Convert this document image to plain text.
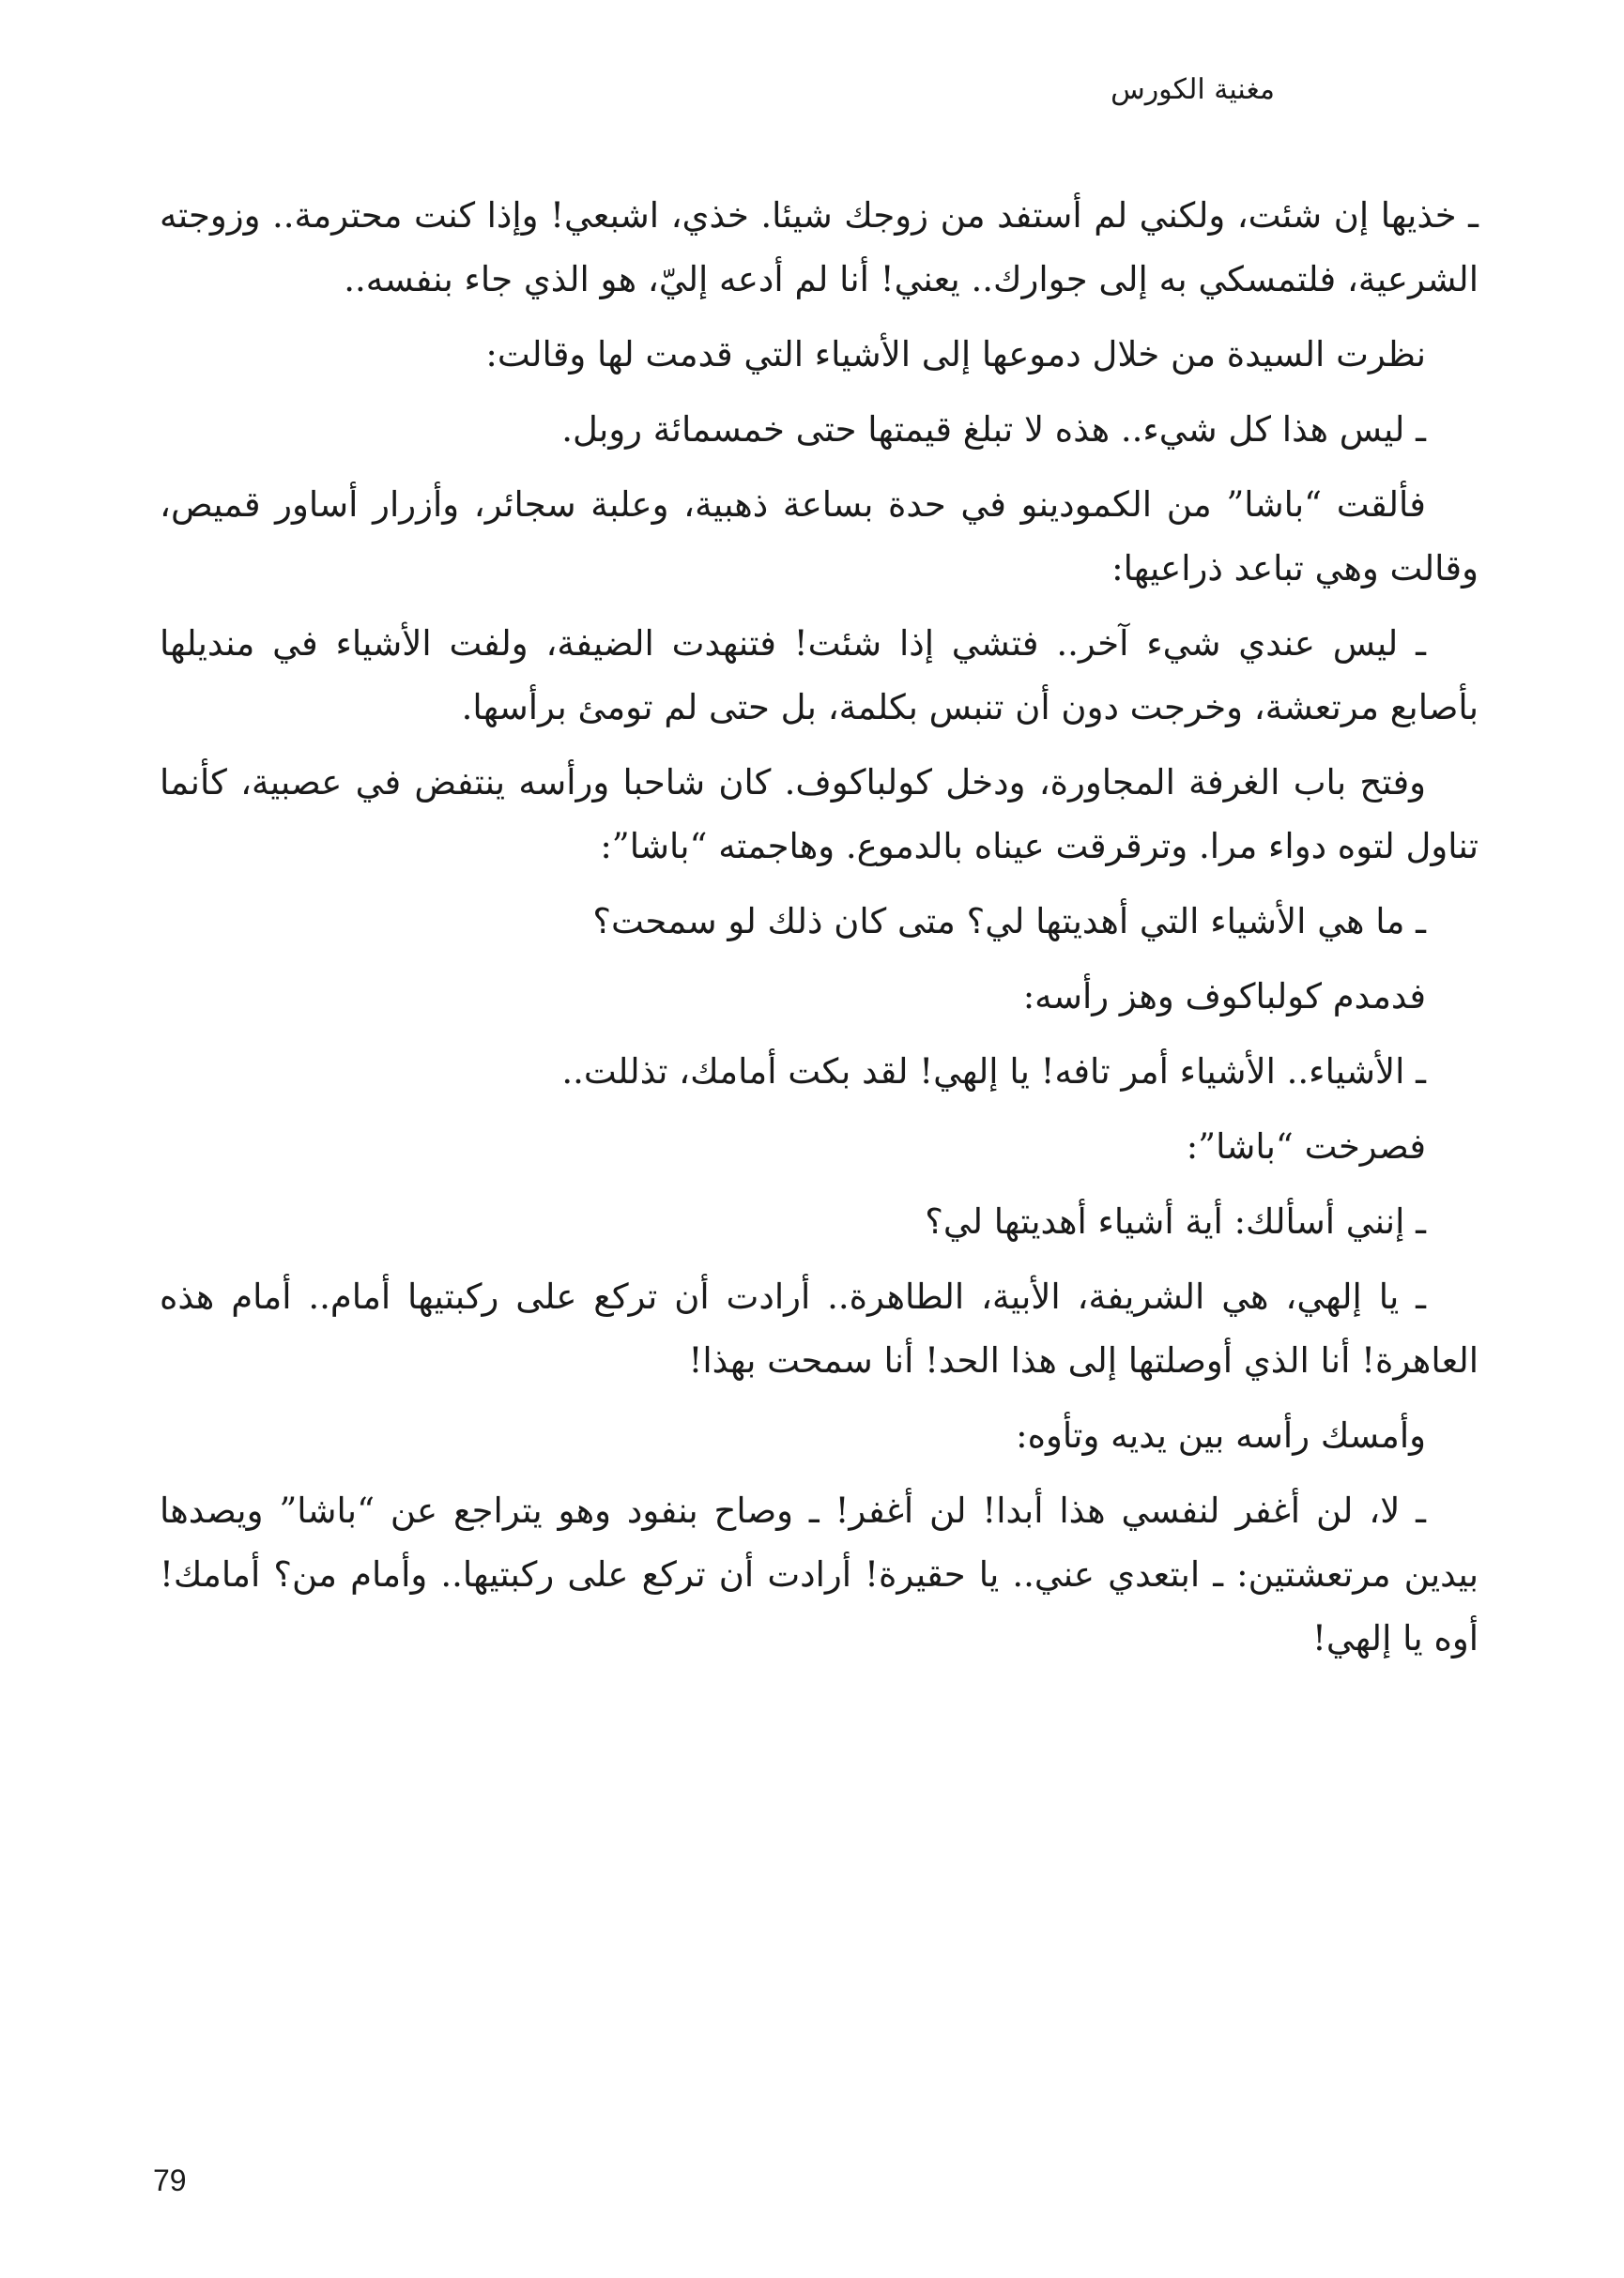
مغنية الكورس

ـ خذيها إن شئت، ولكني لم أستفد من زوجك شيئا. خذي، اشبعي! وإذا كنت محترمة.. وزوجته الشرعية، فلتمسكي به إلى جوارك.. يعني! أنا لم أدعه إليّ، هو الذي جاء بنفسه..

نظرت السيدة من خلال دموعها إلى الأشياء التي قدمت لها وقالت:

ـ ليس هذا كل شيء.. هذه لا تبلغ قيمتها حتى خمسمائة روبل.

فألقت “باشا” من الكمودينو في حدة بساعة ذهبية، وعلبة سجائر، وأزرار أساور قميص، وقالت وهي تباعد ذراعيها:

ـ ليس عندي شيء آخر.. فتشي إذا شئت! فتنهدت الضيفة، ولفت الأشياء في منديلها بأصابع مرتعشة، وخرجت دون أن تنبس بكلمة، بل حتى لم تومئ برأسها.

وفتح باب الغرفة المجاورة، ودخل كولباكوف. كان شاحبا ورأسه ينتفض في عصبية، كأنما تناول لتوه دواء مرا. وترقرقت عيناه بالدموع. وهاجمته “باشا”:

ـ ما هي الأشياء التي أهديتها لي؟ متى كان ذلك لو سمحت؟

فدمدم كولباكوف وهز رأسه:

ـ الأشياء.. الأشياء أمر تافه! يا إلهي! لقد بكت أمامك، تذللت..

فصرخت “باشا”:

ـ إنني أسألك: أية أشياء أهديتها لي؟

ـ يا إلهي، هي الشريفة، الأبية، الطاهرة.. أرادت أن تركع على ركبتيها أمام.. أمام هذه العاهرة! أنا الذي أوصلتها إلى هذا الحد! أنا سمحت بهذا!

وأمسك رأسه بين يديه وتأوه:

ـ لا، لن أغفر لنفسي هذا أبدا! لن أغفر! ـ وصاح بنفود وهو يتراجع عن “باشا” ويصدها بيدين مرتعشتين: ـ ابتعدي عني.. يا حقيرة! أرادت أن تركع على ركبتيها.. وأمام من؟ أمامك! أوه يا إلهي!

79
